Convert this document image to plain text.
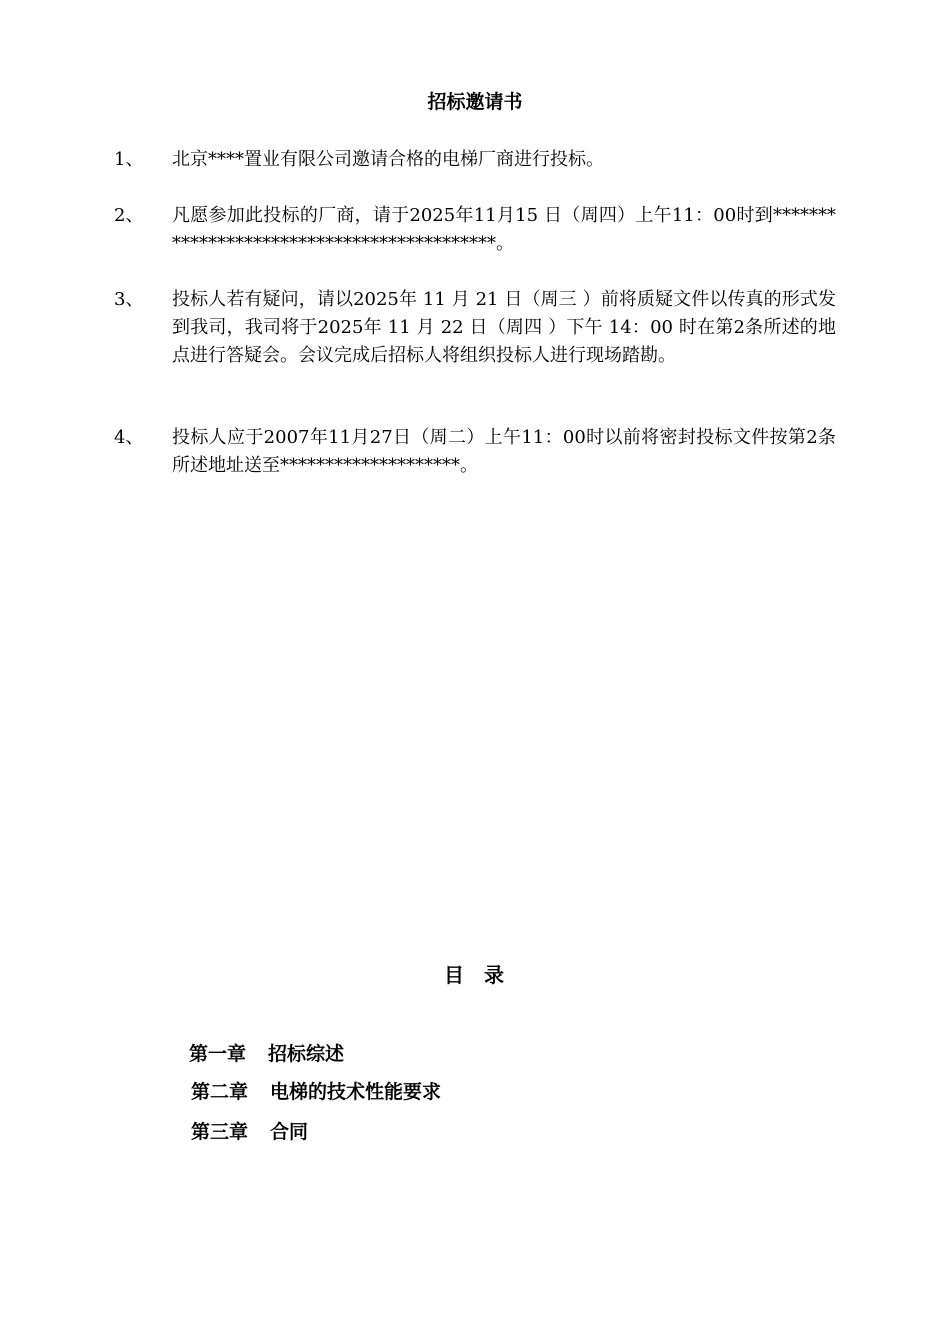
招标邀请书
1、 北京****置业有限公司邀请合格的电梯厂商进行投标。
2、 凡愿参加此投标的厂商，请于2025年11月15 日（周四）上午11：00时到*******************************************。
3、 投标人若有疑问，请以2025年 11 月 21 日（周三 ）前将质疑文件以传真的形式发到我司，我司将于2025年 11 月 22 日（周四 ）下午 14：00 时在第2条所述的地点进行答疑会。会议完成后招标人将组织投标人进行现场踏勘。
4、 投标人应于2007年11月27日（周二）上午11：00时以前将密封投标文件按第2条所述地址送至********************。
目  录
第一章 招标综述
第二章 电梯的技术性能要求
第三章 合同
